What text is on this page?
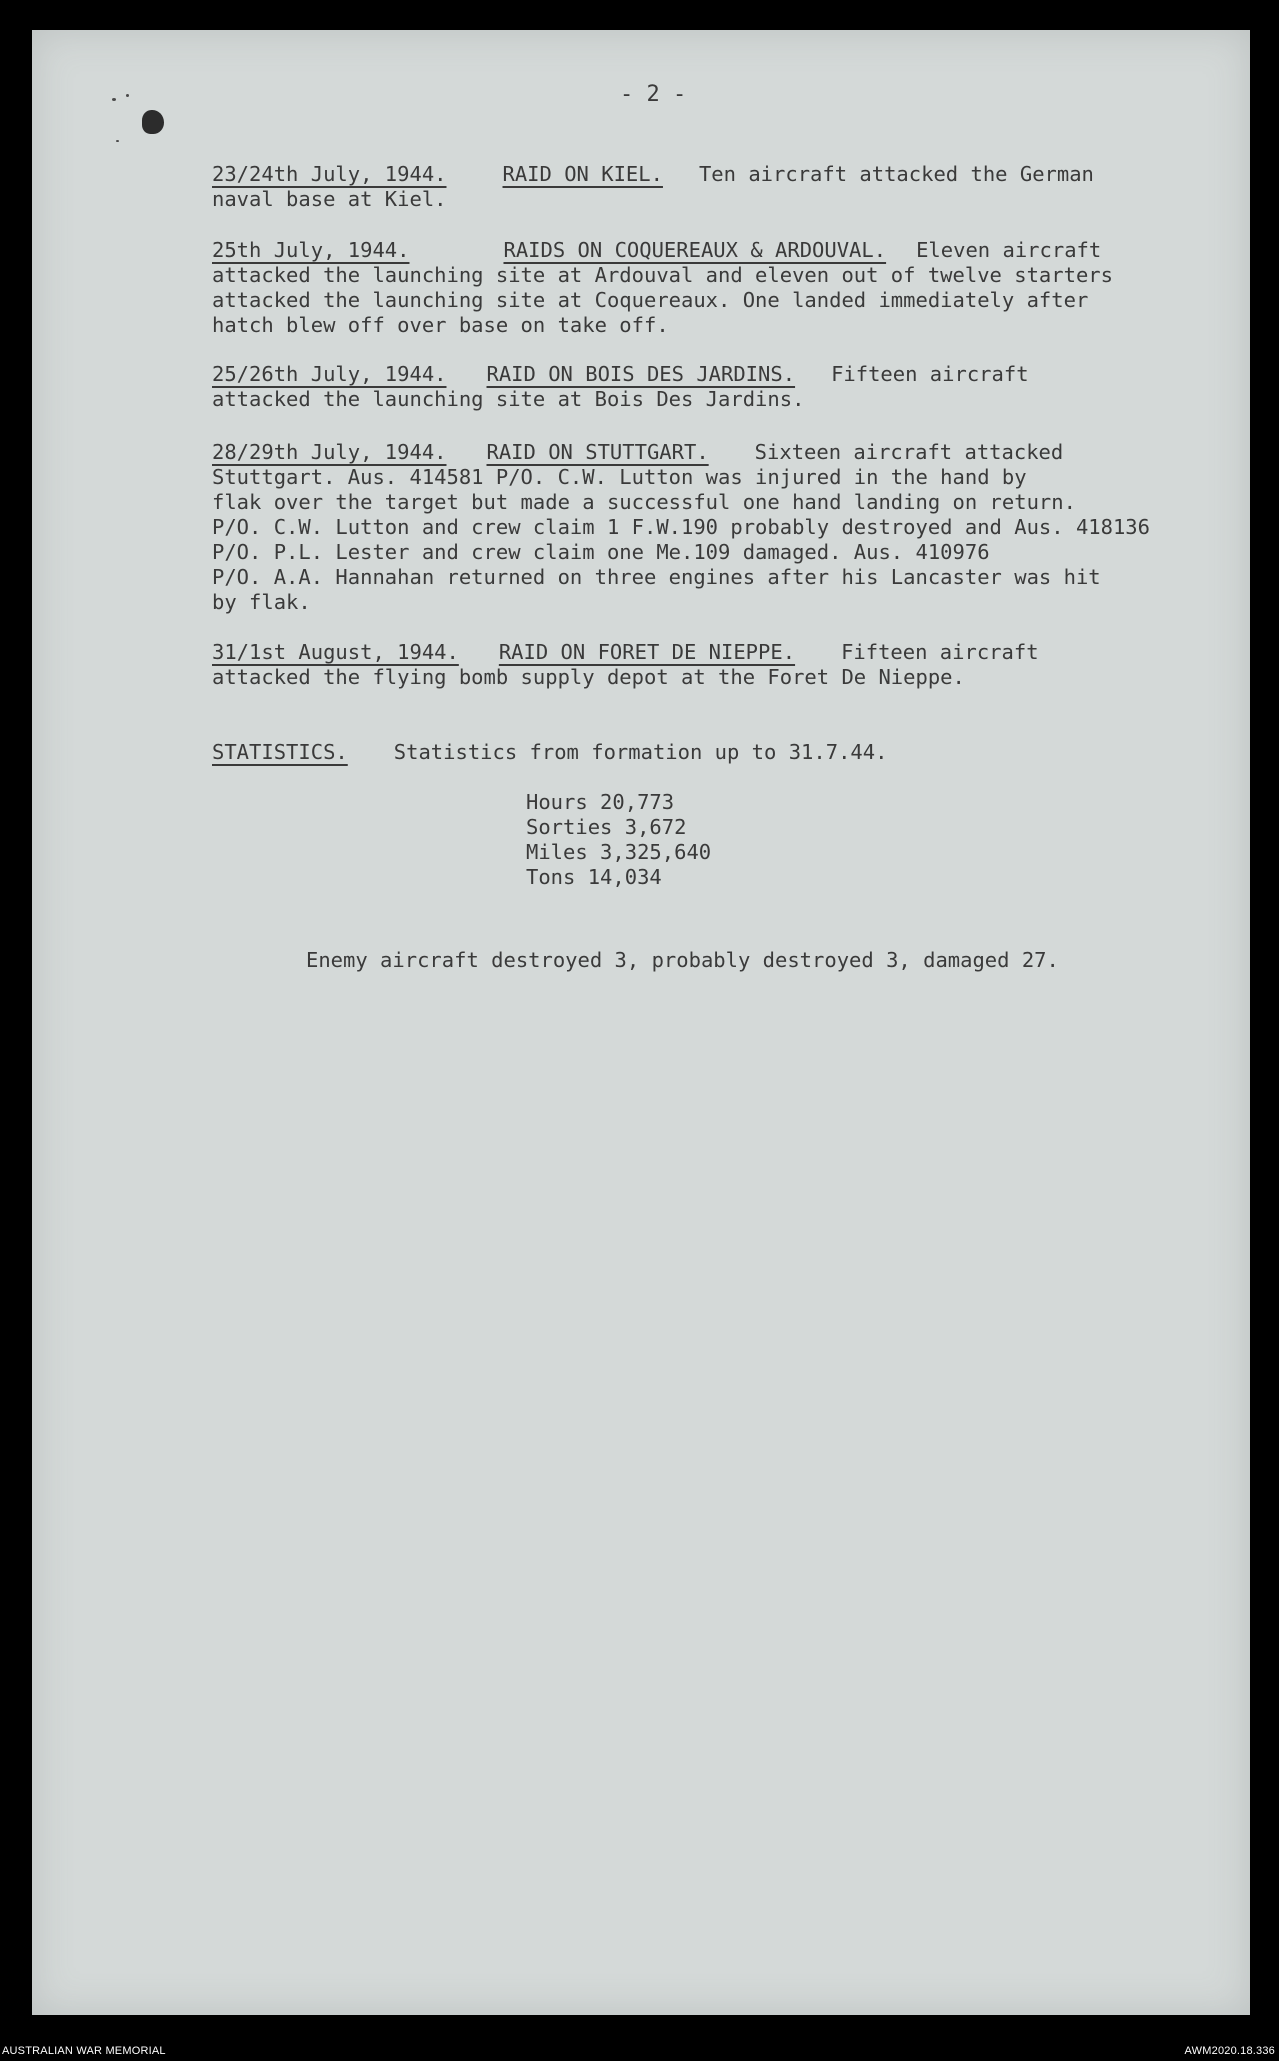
- 2 -
23/24th July, 1944.	RAID ON KIEL. Ten aircraft attacked the German
naval base at Kiel.
25th July, 1944.	RAIDS ON COQUEREAUX & ARDOUVAL. Eleven aircraft
attacked the launching site at Ardouval and eleven out of twelve starters
attacked the launching site at Coquereaux. One landed immediately after
hatch blew off over base on take off.
25/26th July, 1944. RAID ON BOIS DES JARDINS. Fifteen aircraft
attacked the launching site at Bois Des Jardins.
28/29th July, 1944. RAID ON STUTTGART. Sixteen aircraft attacked
Stuttgart. Aus. 414581 P/O. C.W. Lutton was injured in the hand by
flak over the target but made a successful one hand landing on return.
P/O. C.W. Lutton and crew claim 1 F.W.190 probably destroyed and Aus. 418136
P/O. P.L. Lester and crew claim one Me.109 damaged. Aus. 410976
P/O. A.A. Hannahan returned on three engines after his Lancaster was hit
by flak.
31/1st August, 1944. RAID ON FORET DE NIEPPE. Fifteen aircraft
attacked the flying bomb supply depot at the Foret De Nieppe.
STATISTICS. Statistics from formation up to 31.7.44.
Hours 20,773
Sorties 3,672
Miles 3,325,640
Tons 14,034
Enemy aircraft destroyed 3, probably destroyed 3, damaged 27.
AUSTRALIAN WAR MEMORIAL	AWM2020.18.336
